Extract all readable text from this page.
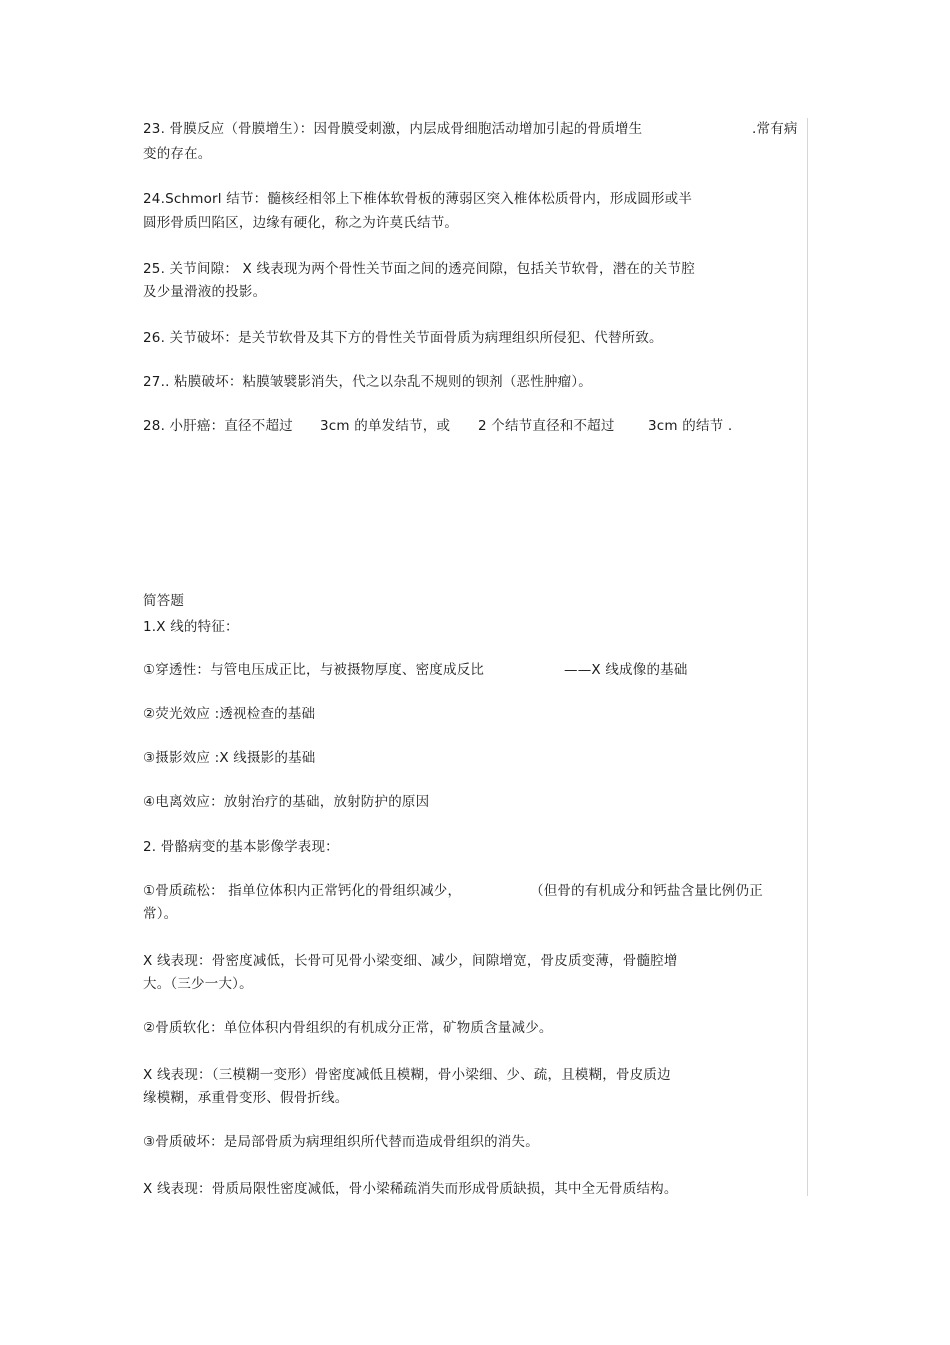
23. 骨膜反应（骨膜增生）：因骨膜受刺激，内层成骨细胞活动增加引起的骨质增生	.常有病
变的存在。
24.Schmorl 结节：髓核经相邻上下椎体软骨板的薄弱区突入椎体松质骨内，形成圆形或半
圆形骨质凹陷区，边缘有硬化，称之为许莫氏结节。
25. 关节间隙： X 线表现为两个骨性关节面之间的透亮间隙，包括关节软骨，潜在的关节腔
及少量滑液的投影。
26. 关节破坏：是关节软骨及其下方的骨性关节面骨质为病理组织所侵犯、代替所致。
27.. 粘膜破坏：粘膜皱襞影消失，代之以杂乱不规则的钡剂（恶性肿瘤）。
28. 小肝癌：直径不超过 3cm 的单发结节，或 2 个结节直径和不超过 3cm 的结节 .
简答题
1.X 线的特征：
①穿透性：与管电压成正比，与被摄物厚度、密度成反比	——X 线成像的基础
②荧光效应 :透视检查的基础
③摄影效应 :X 线摄影的基础
④电离效应：放射治疗的基础，放射防护的原因
2. 骨骼病变的基本影像学表现：
①骨质疏松： 指单位体积内正常钙化的骨组织减少，	（但骨的有机成分和钙盐含量比例仍正
常）。
X 线表现：骨密度减低，长骨可见骨小梁变细、减少，间隙增宽，骨皮质变薄，骨髓腔增
大。（三少一大）。
②骨质软化：单位体积内骨组织的有机成分正常，矿物质含量减少。
X 线表现：（三模糊一变形）骨密度减低且模糊，骨小梁细、少、疏，且模糊，骨皮质边
缘模糊，承重骨变形、假骨折线。
③骨质破坏：是局部骨质为病理组织所代替而造成骨组织的消失。
X 线表现：骨质局限性密度减低，骨小梁稀疏消失而形成骨质缺损，其中全无骨质结构。
